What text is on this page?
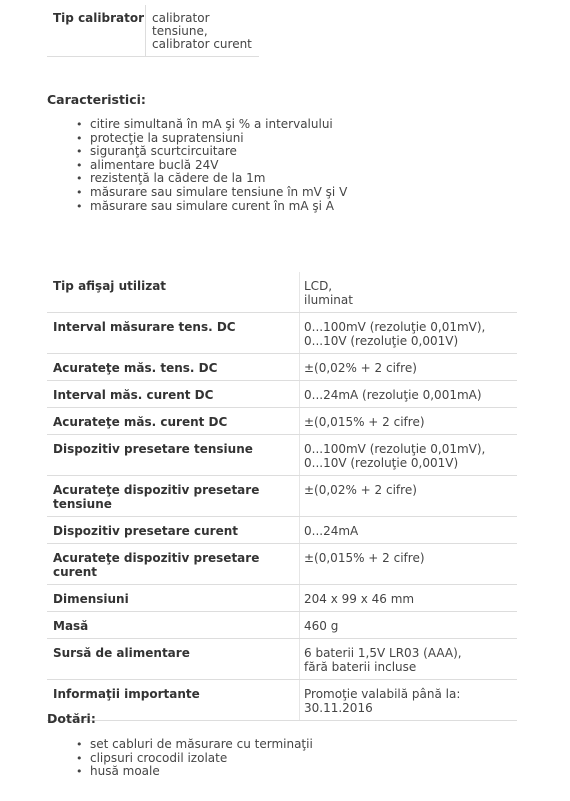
Tip calibrator	calibrator tensiune,
calibrator curent
Caracteristici:
• citire simultană în mA şi % a intervalului
• protecţie la supratensiuni
• siguranţă scurtcircuitare
• alimentare buclă 24V
• rezistenţă la cădere de la 1m
• măsurare sau simulare tensiune în mV şi V
• măsurare sau simulare curent în mA şi A
Tip afişaj utilizat	LCD,
iluminat
Interval măsurare tens. DC	0...100mV (rezoluţie 0,01mV),
0...10V (rezoluţie 0,001V)
Acurateţe măs. tens. DC	±(0,02% + 2 cifre)
Interval măs. curent DC	0...24mA (rezoluţie 0,001mA)
Acurateţe măs. curent DC	±(0,015% + 2 cifre)
Dispozitiv presetare tensiune	0...100mV (rezoluţie 0,01mV),
0...10V (rezoluţie 0,001V)
Acurateţe dispozitiv presetare tensiune	±(0,02% + 2 cifre)
Dispozitiv presetare curent	0...24mA
Acurateţe dispozitiv presetare curent	±(0,015% + 2 cifre)
Dimensiuni	204 x 99 x 46 mm
Masă	460 g
Sursă de alimentare	6 baterii 1,5V LR03 (AAA),
fără baterii incluse
Informaţii importante	Promoţie valabilă până la: 30.11.2016
Dotări:
• set cabluri de măsurare cu terminaţii
• clipsuri crocodil izolate
• husă moale
